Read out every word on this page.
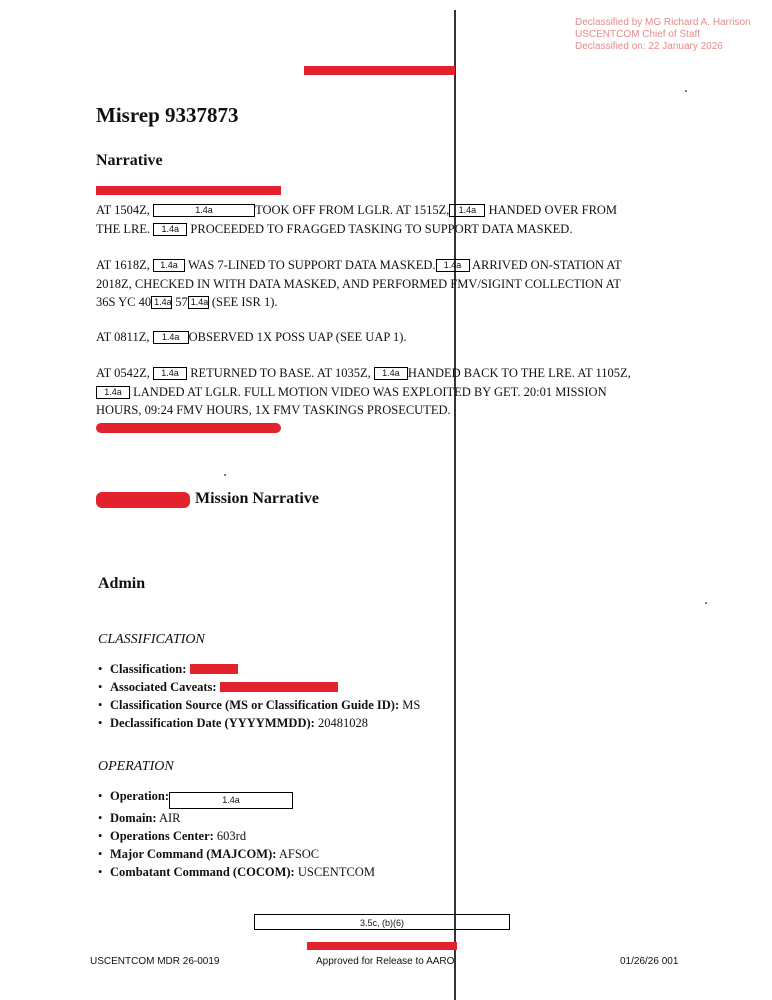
Declassified by MG Richard A. Harrison
USCENTCOM Chief of Staff
Declassified on: 22 January 2026
Misrep 9337873
Narrative
AT 1504Z,	1.4a	TOOK OFF FROM LGLR. AT 1515Z, 1.4a HANDED OVER FROM
THE LRE. 1.4a PROCEEDED TO FRAGGED TASKING TO SUPPORT DATA MASKED.
AT 1618Z, 1.4a WAS 7-LINED TO SUPPORT DATA MASKED. 1.4a ARRIVED ON-STATION AT
2018Z, CHECKED IN WITH DATA MASKED, AND PERFORMED FMV/SIGINT COLLECTION AT
36S YC 40 1.4a 57 1.4a (SEE ISR 1).
AT 0811Z, 1.4a OBSERVED 1X POSS UAP (SEE UAP 1).
AT 0542Z, 1.4a RETURNED TO BASE. AT 1035Z, 1.4a HANDED BACK TO THE LRE. AT 1105Z,
1.4a LANDED AT LGLR. FULL MOTION VIDEO WAS EXPLOITED BY GET. 20:01 MISSION
HOURS, 09:24 FMV HOURS, 1X FMV TASKINGS PROSECUTED.
Mission Narrative
Admin
CLASSIFICATION
• Classification:
• Associated Caveats:
• Classification Source (MS or Classification Guide ID): MS
• Declassification Date (YYYYMMDD): 20481028
OPERATION
• Operation:	1.4a
• Domain: AIR
• Operations Center: 603rd
• Major Command (MAJCOM): AFSOC
• Combatant Command (COCOM): USCENTCOM
3.5c, (b)(6)
USCENTCOM MDR 26-0019	Approved for Release to AARO	01/26/26 001
